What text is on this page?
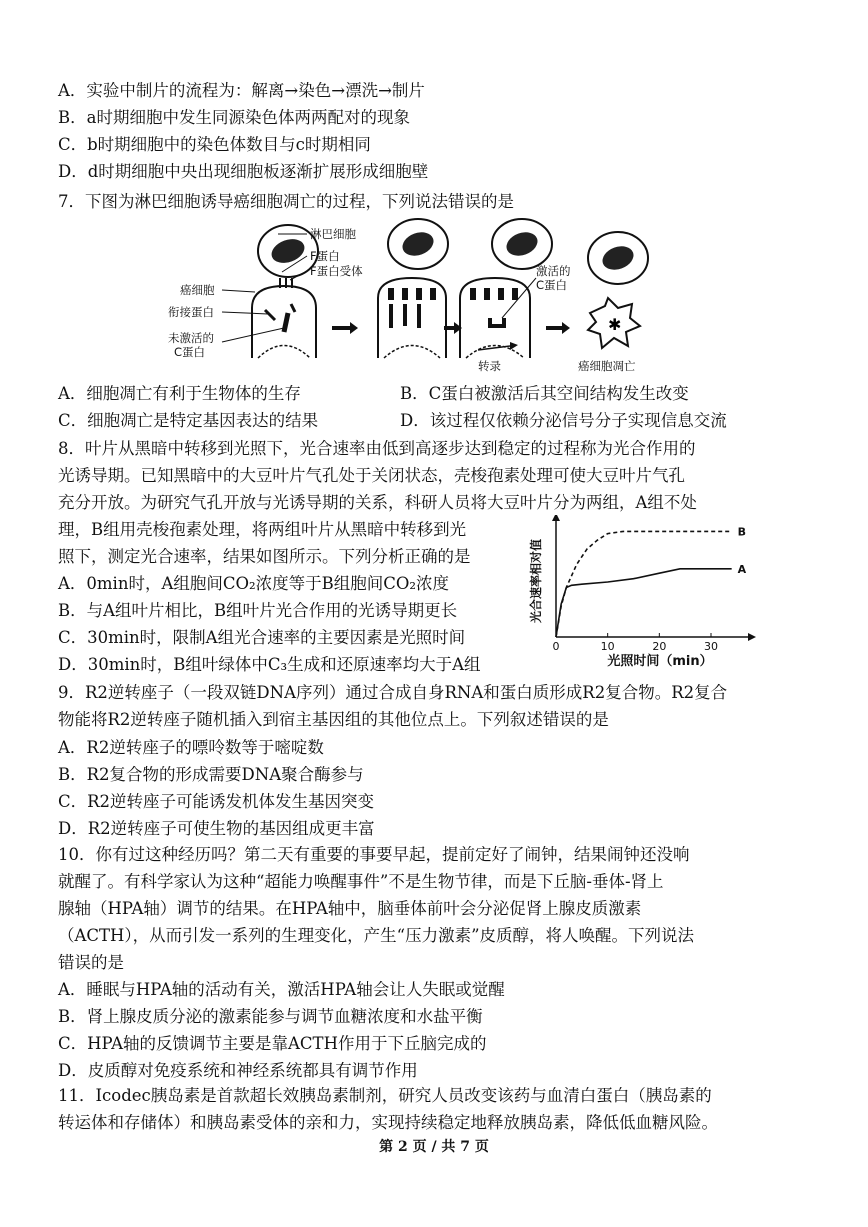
A．实验中制片的流程为：解离→染色→漂洗→制片
B．a时期细胞中发生同源染色体两两配对的现象
C．b时期细胞中的染色体数目与c时期相同
D．d时期细胞中央出现细胞板逐渐扩展形成细胞壁
7．下图为淋巴细胞诱导癌细胞凋亡的过程，下列说法错误的是
✱
淋巴细胞
F蛋白
F蛋白受体
癌细胞
衔接蛋白
未激活的
C蛋白
激活的
C蛋白
转录	癌细胞凋亡
A．细胞凋亡有利于生物体的生存	B．C蛋白被激活后其空间结构发生改变
C．细胞凋亡是特定基因表达的结果	D．该过程仅依赖分泌信号分子实现信息交流
8．叶片从黑暗中转移到光照下，光合速率由低到高逐步达到稳定的过程称为光合作用的
光诱导期。已知黑暗中的大豆叶片气孔处于关闭状态，壳梭孢素处理可使大豆叶片气孔
充分开放。为研究气孔开放与光诱导期的关系，科研人员将大豆叶片分为两组，A组不处
理，B组用壳梭孢素处理，将两组叶片从黑暗中转移到光
照下，测定光合速率，结果如图所示。下列分析正确的是
A．0min时，A组胞间CO₂浓度等于B组胞间CO₂浓度
B．与A组叶片相比，B组叶片光合作用的光诱导期更长
C．30min时，限制A组光合速率的主要因素是光照时间
D．30min时，B组叶绿体中C₃生成和还原速率均大于A组
0	10	20	30
B
A
光合速率相对值
光照时间（min）
9．R2逆转座子（一段双链DNA序列）通过合成自身RNA和蛋白质形成R2复合物。R2复合
物能将R2逆转座子随机插入到宿主基因组的其他位点上。下列叙述错误的是
A．R2逆转座子的嘌呤数等于嘧啶数
B．R2复合物的形成需要DNA聚合酶参与
C．R2逆转座子可能诱发机体发生基因突变
D．R2逆转座子可使生物的基因组成更丰富
10．你有过这种经历吗？第二天有重要的事要早起，提前定好了闹钟，结果闹钟还没响
就醒了。有科学家认为这种“超能力唤醒事件”不是生物节律，而是下丘脑-垂体-肾上
腺轴（HPA轴）调节的结果。在HPA轴中，脑垂体前叶会分泌促肾上腺皮质激素
（ACTH），从而引发一系列的生理变化，产生“压力激素”皮质醇，将人唤醒。下列说法
错误的是
A．睡眠与HPA轴的活动有关，激活HPA轴会让人失眠或觉醒
B．肾上腺皮质分泌的激素能参与调节血糖浓度和水盐平衡
C．HPA轴的反馈调节主要是靠ACTH作用于下丘脑完成的
D．皮质醇对免疫系统和神经系统都具有调节作用
11．Icodec胰岛素是首款超长效胰岛素制剂，研究人员改变该药与血清白蛋白（胰岛素的
转运体和存储体）和胰岛素受体的亲和力，实现持续稳定地释放胰岛素，降低低血糖风险。
第 2 页 / 共 7 页
